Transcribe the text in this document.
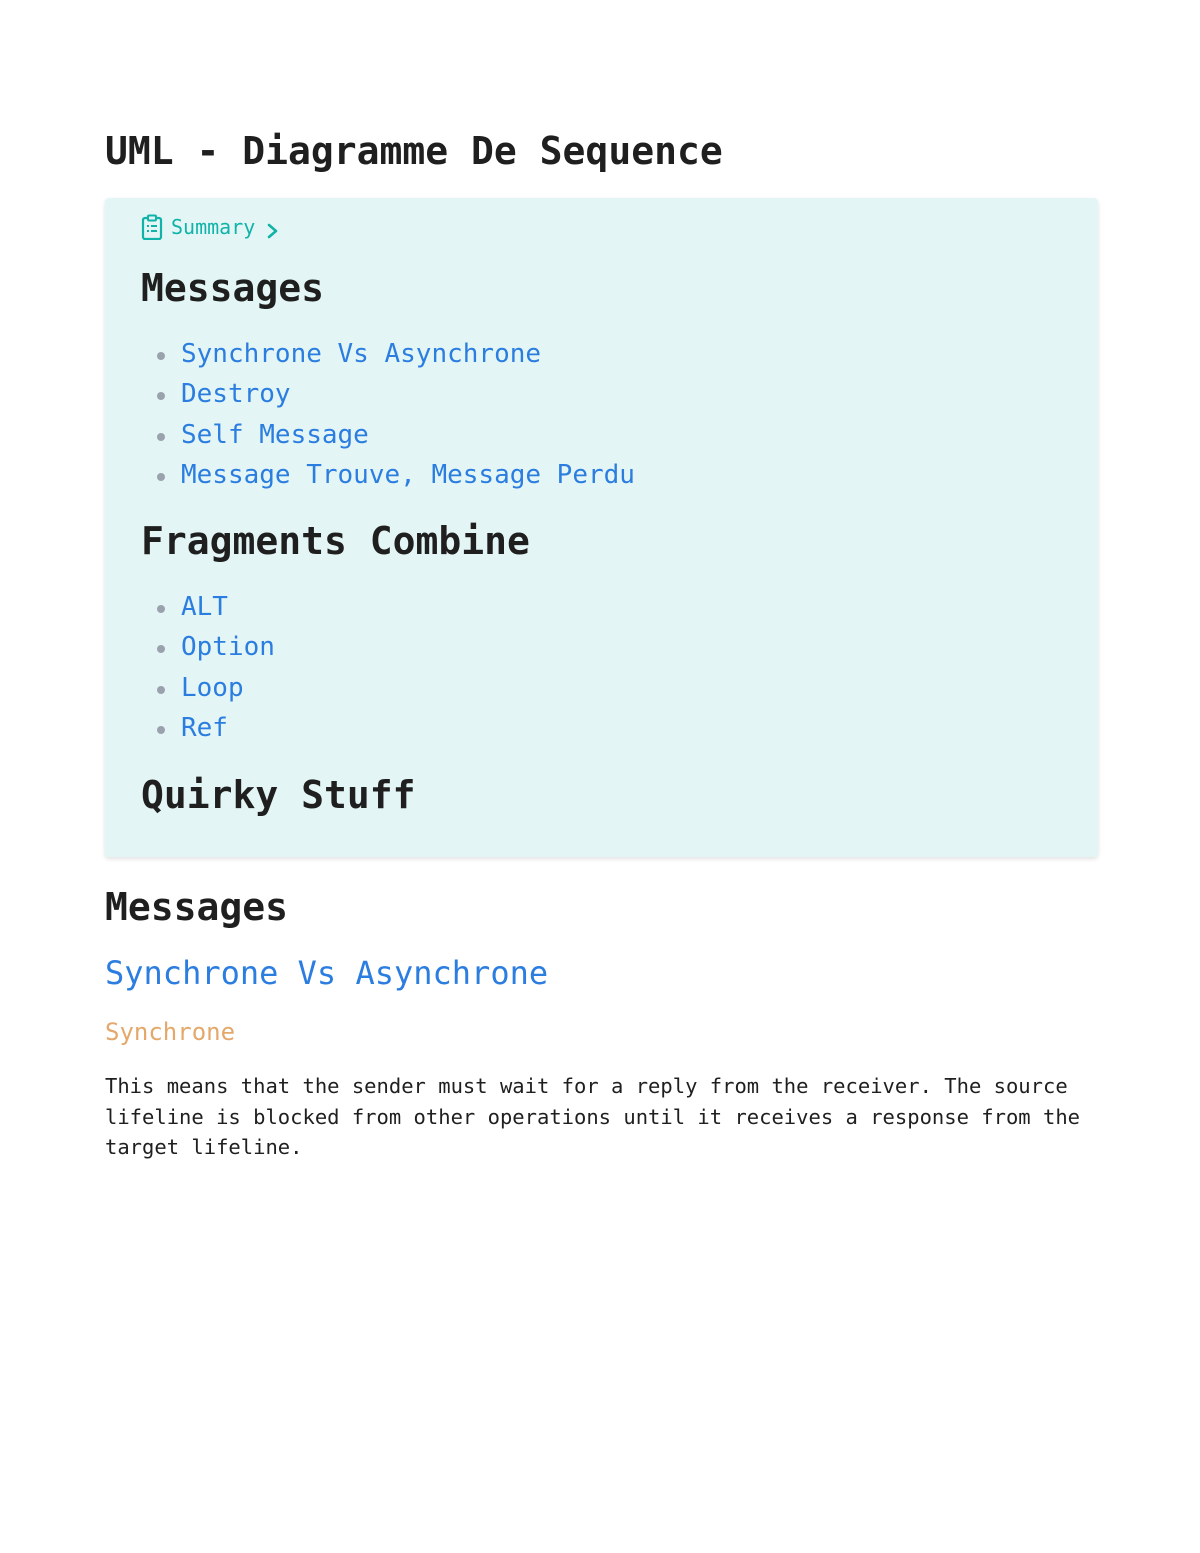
UML - Diagramme De Sequence
Summary
Messages
Synchrone Vs Asynchrone
Destroy
Self Message
Message Trouve, Message Perdu
Fragments Combine
ALT
Option
Loop
Ref
Quirky Stuff
Messages
Synchrone Vs Asynchrone
Synchrone

This means that the sender must wait for a reply from the receiver. The source lifeline is blocked from other operations until it receives a response from the target lifeline.
